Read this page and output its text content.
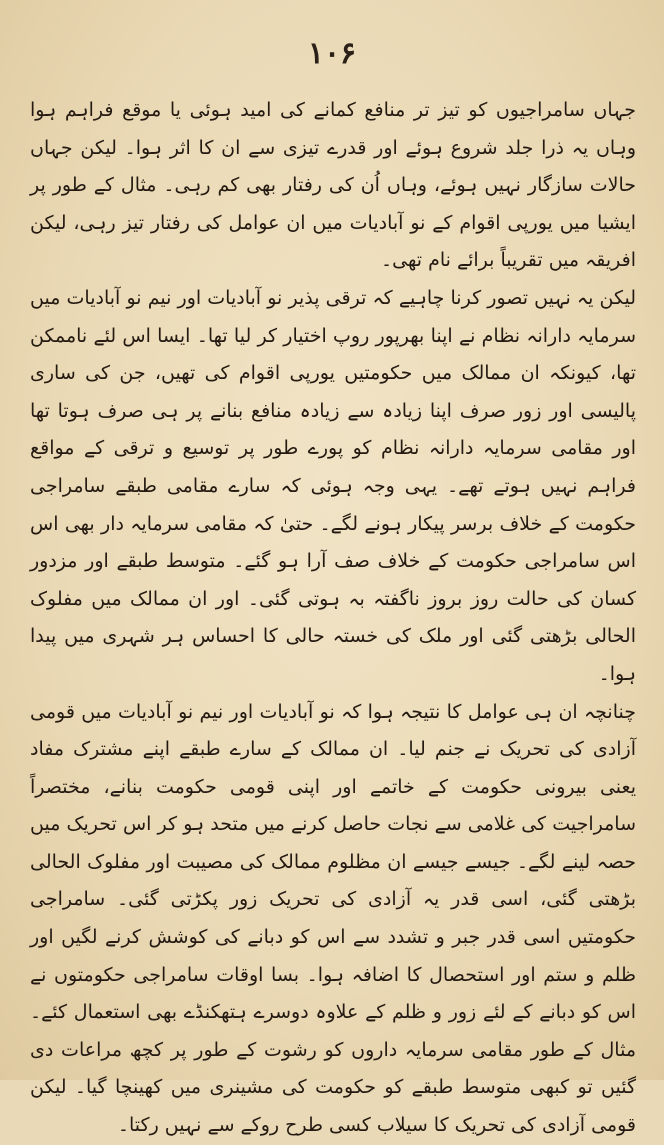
۱۰۶

جہاں سامراجیوں کو تیز تر منافع کمانے کی امید ہوئی یا موقع فراہم ہوا وہاں یہ ذرا جلد شروع ہوئے اور قدرے تیزی سے ان کا اثر ہوا۔ لیکن جہاں حالات سازگار نہیں ہوئے، وہاں اُن کی رفتار بھی کم رہی۔ مثال کے طور پر ایشیا میں یورپی اقوام کے نو آبادیات میں ان عوامل کی رفتار تیز رہی، لیکن افریقہ میں تقریباً برائے نام تھی۔

لیکن یہ نہیں تصور کرنا چاہیے کہ ترقی پذیر نو آبادیات اور نیم نو آبادیات میں سرمایہ دارانہ نظام نے اپنا بھرپور روپ اختیار کر لیا تھا۔ ایسا اس لئے ناممکن تھا، کیونکہ ان ممالک میں حکومتیں یورپی اقوام کی تھیں، جن کی ساری پالیسی اور زور صرف اپنا زیادہ سے زیادہ منافع بنانے پر ہی صرف ہوتا تھا اور مقامی سرمایہ دارانہ نظام کو پورے طور پر توسیع و ترقی کے مواقع فراہم نہیں ہوتے تھے۔ یہی وجہ ہوئی کہ سارے مقامی طبقے سامراجی حکومت کے خلاف برسر پیکار ہونے لگے۔ حتیٰ کہ مقامی سرمایہ دار بھی اس اس سامراجی حکومت کے خلاف صف آرا ہو گئے۔ متوسط طبقے اور مزدور کسان کی حالت روز بروز ناگفتہ بہ ہوتی گئی۔ اور ان ممالک میں مفلوک الحالی بڑھتی گئی اور ملک کی خستہ حالی کا احساس ہر شہری میں پیدا ہوا۔

چنانچہ ان ہی عوامل کا نتیجہ ہوا کہ نو آبادیات اور نیم نو آبادیات میں قومی آزادی کی تحریک نے جنم لیا۔ ان ممالک کے سارے طبقے اپنے مشترک مفاد یعنی بیرونی حکومت کے خاتمے اور اپنی قومی حکومت بنانے، مختصراً سامراجیت کی غلامی سے نجات حاصل کرنے میں متحد ہو کر اس تحریک میں حصہ لینے لگے۔ جیسے جیسے ان مظلوم ممالک کی مصیبت اور مفلوک الحالی بڑھتی گئی، اسی قدر یہ آزادی کی تحریک زور پکڑتی گئی۔ سامراجی حکومتیں اسی قدر جبر و تشدد سے اس کو دبانے کی کوشش کرنے لگیں اور ظلم و ستم اور استحصال کا اضافہ ہوا۔ بسا اوقات سامراجی حکومتوں نے اس کو دبانے کے لئے زور و ظلم کے علاوہ دوسرے ہتھکنڈے بھی استعمال کئے۔ مثال کے طور مقامی سرمایہ داروں کو رشوت کے طور پر کچھ مراعات دی گئیں تو کبھی متوسط طبقے کو حکومت کی مشینری میں کھینچا گیا۔ لیکن قومی آزادی کی تحریک کا سیلاب کسی طرح روکے سے نہیں رکتا۔
